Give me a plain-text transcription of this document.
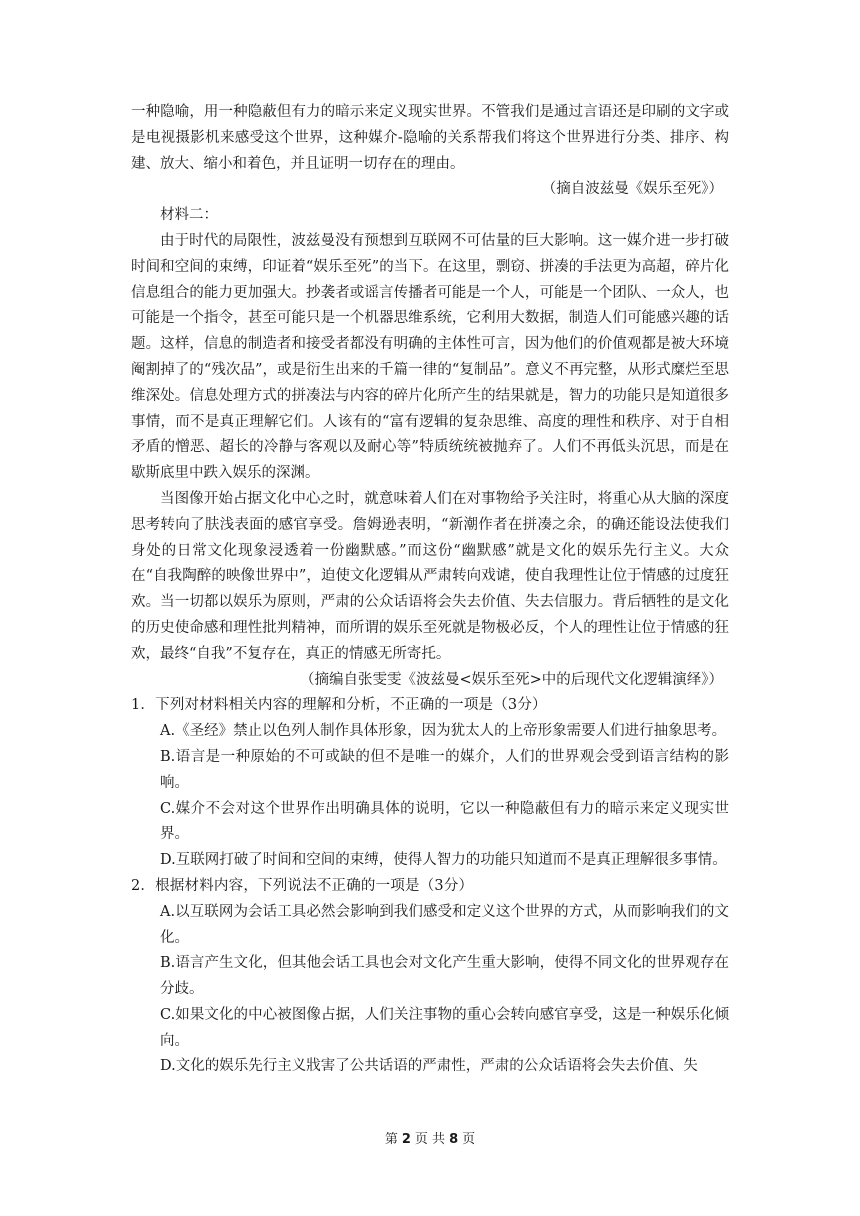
一种隐喻，用一种隐蔽但有力的暗示来定义现实世界。不管我们是通过言语还是印刷的文字或是电视摄影机来感受这个世界，这种媒介-隐喻的关系帮我们将这个世界进行分类、排序、构建、放大、缩小和着色，并且证明一切存在的理由。

（摘自波兹曼《娱乐至死》）

材料二：

由于时代的局限性，波兹曼没有预想到互联网不可估量的巨大影响。这一媒介进一步打破时间和空间的束缚，印证着“娱乐至死”的当下。在这里，剽窃、拼凑的手法更为高超，碎片化信息组合的能力更加强大。抄袭者或谣言传播者可能是一个人，可能是一个团队、一众人，也可能是一个指令，甚至可能只是一个机器思维系统，它利用大数据，制造人们可能感兴趣的话题。这样，信息的制造者和接受者都没有明确的主体性可言，因为他们的价值观都是被大环境阉割掉了的“残次品”，或是衍生出来的千篇一律的“复制品”。意义不再完整，从形式糜烂至思维深处。信息处理方式的拼凑法与内容的碎片化所产生的结果就是，智力的功能只是知道很多事情，而不是真正理解它们。人该有的“富有逻辑的复杂思维、高度的理性和秩序、对于自相矛盾的憎恶、超长的冷静与客观以及耐心等”特质统统被抛弃了。人们不再低头沉思，而是在歇斯底里中跌入娱乐的深渊。

当图像开始占据文化中心之时，就意味着人们在对事物给予关注时，将重心从大脑的深度思考转向了肤浅表面的感官享受。詹姆逊表明，“新潮作者在拼凑之余，的确还能设法使我们身处的日常文化现象浸透着一份幽默感。”而这份“幽默感”就是文化的娱乐先行主义。大众在“自我陶醉的映像世界中”，迫使文化逻辑从严肃转向戏谑，使自我理性让位于情感的过度狂欢。当一切都以娱乐为原则，严肃的公众话语将会失去价值、失去信服力。背后牺牲的是文化的历史使命感和理性批判精神，而所谓的娱乐至死就是物极必反，个人的理性让位于情感的狂欢，最终“自我”不复存在，真正的情感无所寄托。

（摘编自张雯雯《波兹曼<娱乐至死>中的后现代文化逻辑演绎》）

1．下列对材料相关内容的理解和分析，不正确的一项是（3分）

A.《圣经》禁止以色列人制作具体形象，因为犹太人的上帝形象需要人们进行抽象思考。

B.语言是一种原始的不可或缺的但不是唯一的媒介，人们的世界观会受到语言结构的影响。

C.媒介不会对这个世界作出明确具体的说明，它以一种隐蔽但有力的暗示来定义现实世界。

D.互联网打破了时间和空间的束缚，使得人智力的功能只知道而不是真正理解很多事情。

2．根据材料内容，下列说法不正确的一项是（3分）

A.以互联网为会话工具必然会影响到我们感受和定义这个世界的方式，从而影响我们的文化。

B.语言产生文化，但其他会话工具也会对文化产生重大影响，使得不同文化的世界观存在分歧。

C.如果文化的中心被图像占据，人们关注事物的重心会转向感官享受，这是一种娱乐化倾向。

D.文化的娱乐先行主义戕害了公共话语的严肃性，严肃的公众话语将会失去价值、失

第 2 页 共 8 页
